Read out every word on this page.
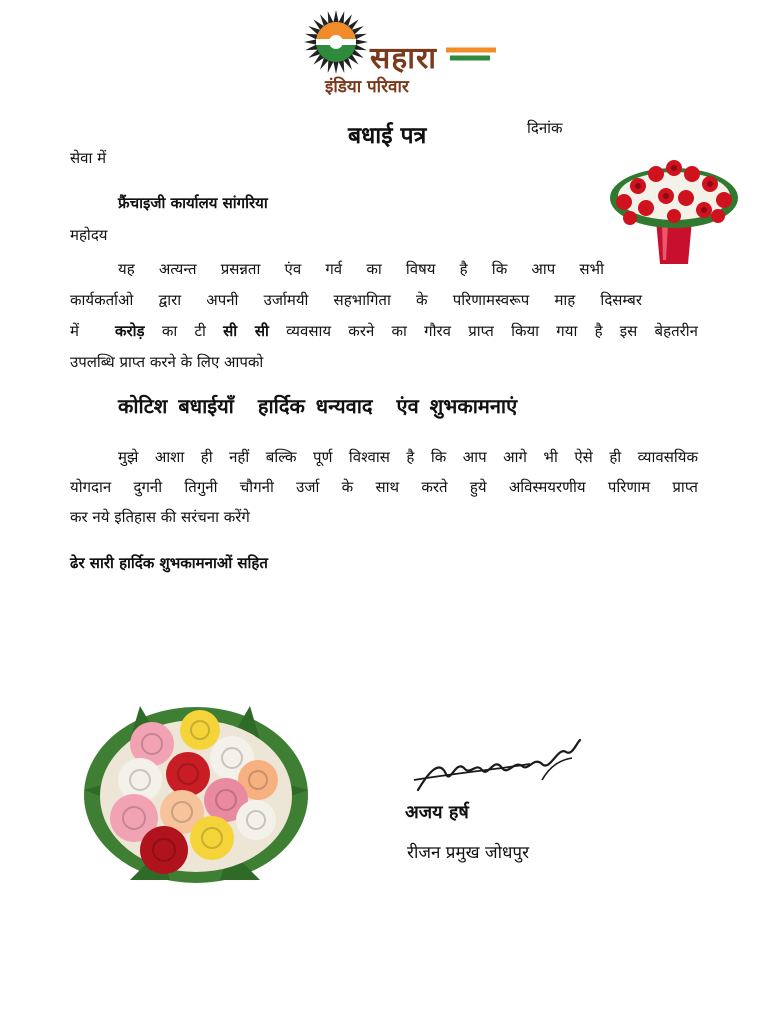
सहारा
इंडिया परिवार
बधाई पत्र	दिनांक
सेवा में
फ्रैंचाइजी कार्यालय सांगरिया
महोदय
यह अत्यन्त प्रसन्नता एंव गर्व का विषय है कि आप सभी
कार्यकर्ताओ द्वारा अपनी उर्जामयी सहभागिता के परिणामस्वरूप माह दिसम्बर
में करोड़ का टी सी सी व्यवसाय करने का गौरव प्राप्त किया गया है इस बेहतरीन
उपलब्धि प्राप्त करने के लिए आपको
कोटिश बधाईयाँ हार्दिक धन्यवाद एंव शुभकामनाएं
मुझे आशा ही नहीं बल्कि पूर्ण विश्वास है कि आप आगे भी ऐसे ही व्यावसयिक
योगदान दुगनी तिगुनी चौगनी उर्जा के साथ करते हुये अविस्मयरणीय परिणाम प्राप्त
कर नये इतिहास की सरंचना करेंगे
ढेर सारी हार्दिक शुभकामनाओं सहित
अजय हर्ष
रीजन प्रमुख जोधपुर
